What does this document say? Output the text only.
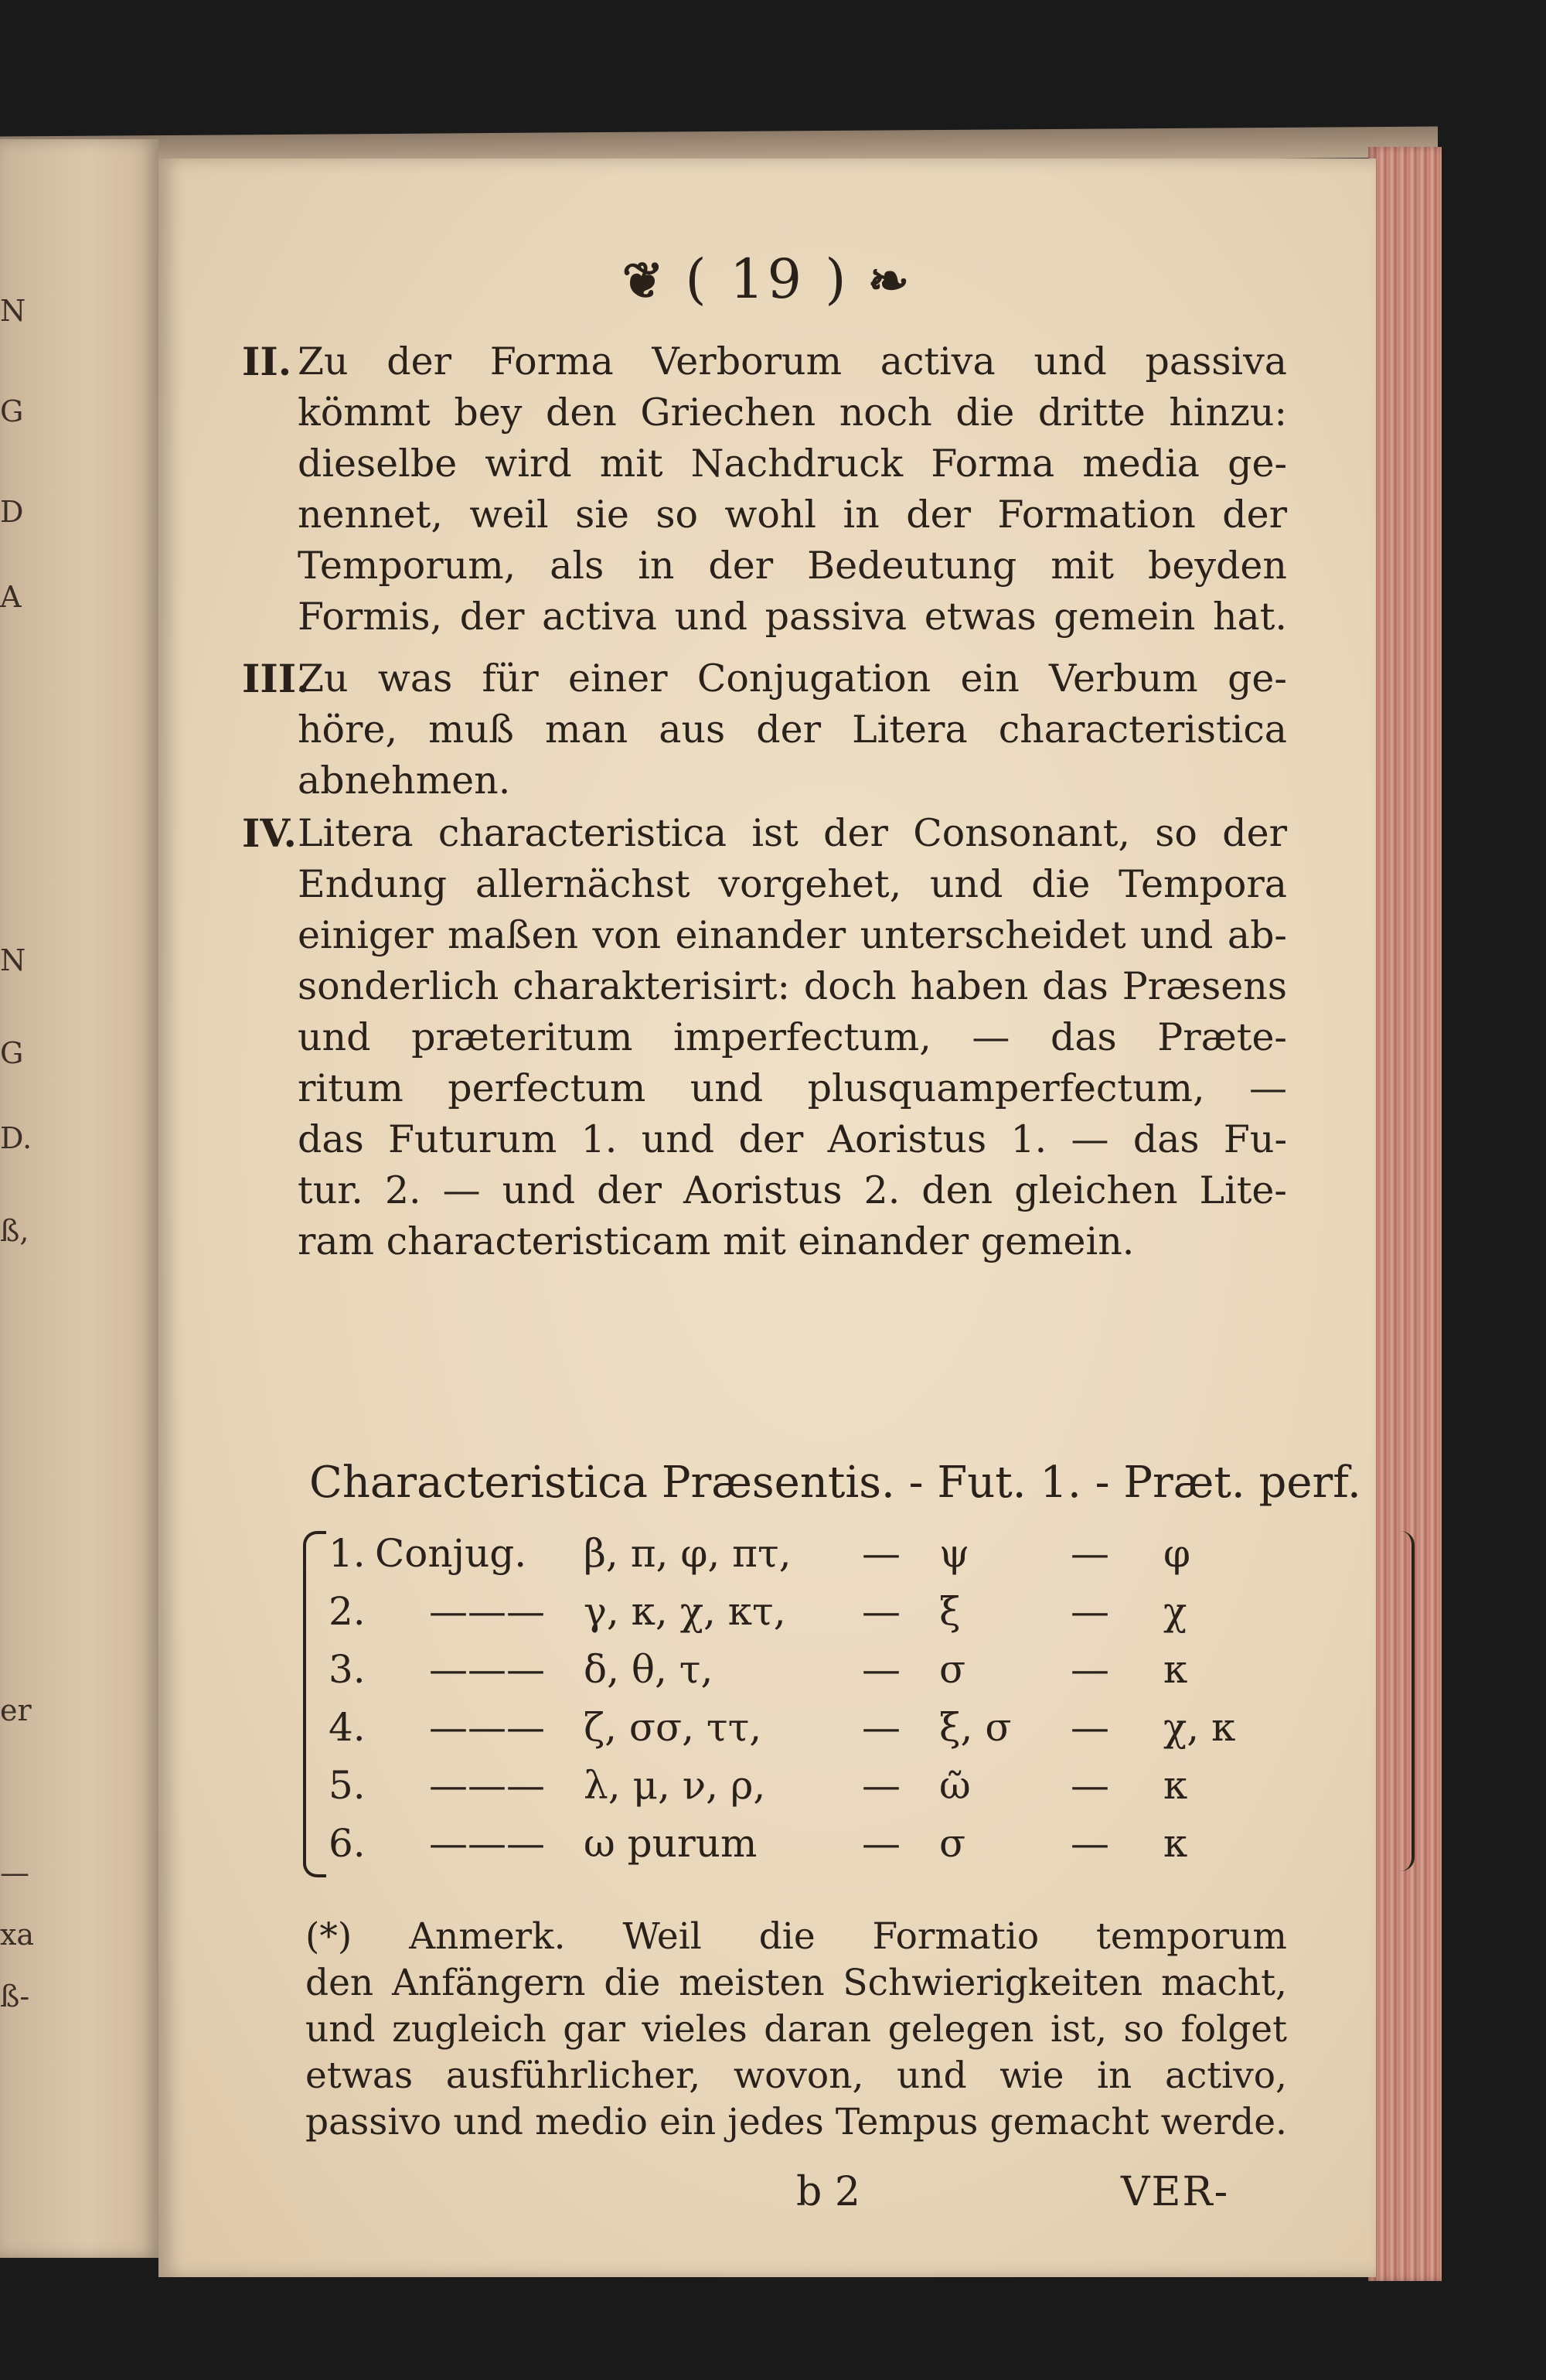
N
G
D
A
N
G
D.
ß,
er
—
xa
ß-
❦ ( 19 ) ❧
II. Zu der Forma Verborum activa und passiva
kömmt bey den Griechen noch die dritte hinzu:
dieselbe wird mit Nachdruck Forma media ge-
nennet, weil sie so wohl in der Formation der
Temporum, als in der Bedeutung mit beyden
Formis, der activa und passiva etwas gemein hat.
III.
Zu was für einer Conjugation ein Verbum ge-
höre, muß man aus der Litera characteristica
abnehmen.
IV. Litera characteristica ist der Consonant, so der
Endung allernächst vorgehet, und die Tempora
einiger maßen von einander unterscheidet und ab-
sonderlich charakterisirt: doch haben das Præsens
und præteritum imperfectum, — das Præte-
ritum perfectum und plusquamperfectum, —
das Futurum 1. und der Aoristus 1. — das Fu-
tur. 2. — und der Aoristus 2. den gleichen Lite-
ram characteristicam mit einander gemein.
Characteristica Præsentis. - Fut. 1. - Præt. perf.
1. Conjug. β, π, φ, πτ, — ψ	— φ
2. ——— γ, κ, χ, κτ, — ξ	— χ
3. ——— δ, θ, τ,	— σ	— κ
4. ——— ζ, σσ, ττ,	— ξ, σ — χ, κ
5. ——— λ, μ, ν, ρ, — ῶ	— κ
6. ——— ω purum	— σ	— κ
(*) Anmerk. Weil die Formatio temporum
den Anfängern die meisten Schwierigkeiten macht,
und zugleich gar vieles daran gelegen ist, so folget
etwas ausführlicher, wovon, und wie in activo,
passivo und medio ein jedes Tempus gemacht werde.
b 2	VER-
